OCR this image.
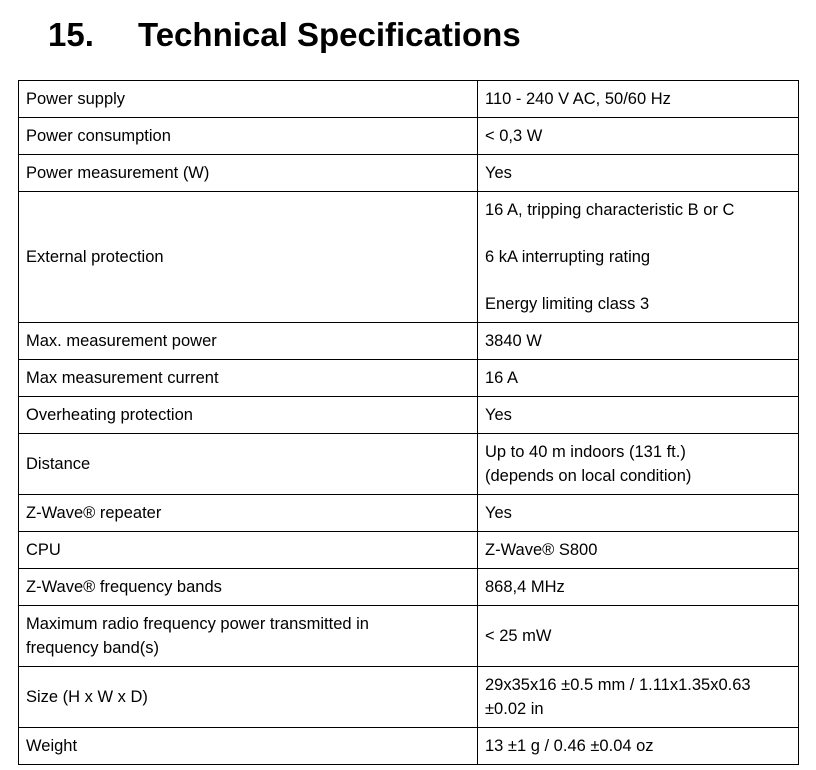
15.	Technical Specifications
Power supply	110 - 240 V AC, 50/60 Hz
Power consumption	< 0,3 W
Power measurement (W)	Yes
External protection	16 A, tripping characteristic B or C

6 kA interrupting rating

Energy limiting class 3

Max. measurement power	3840 W
Max measurement current	16 A
Overheating protection	Yes
Distance	Up to 40 m indoors (131 ft.)
(depends on local condition)

Z-Wave® repeater	Yes
CPU	Z-Wave® S800
Z-Wave® frequency bands	868,4 MHz

Maximum radio frequency power transmitted in
frequency band(s)	< 25 mW
Size (H x W x D)	29x35x16 ±0.5 mm / 1.11x1.35x0.63
±0.02 in

Weight	13 ±1 g / 0.46 ±0.04 oz
